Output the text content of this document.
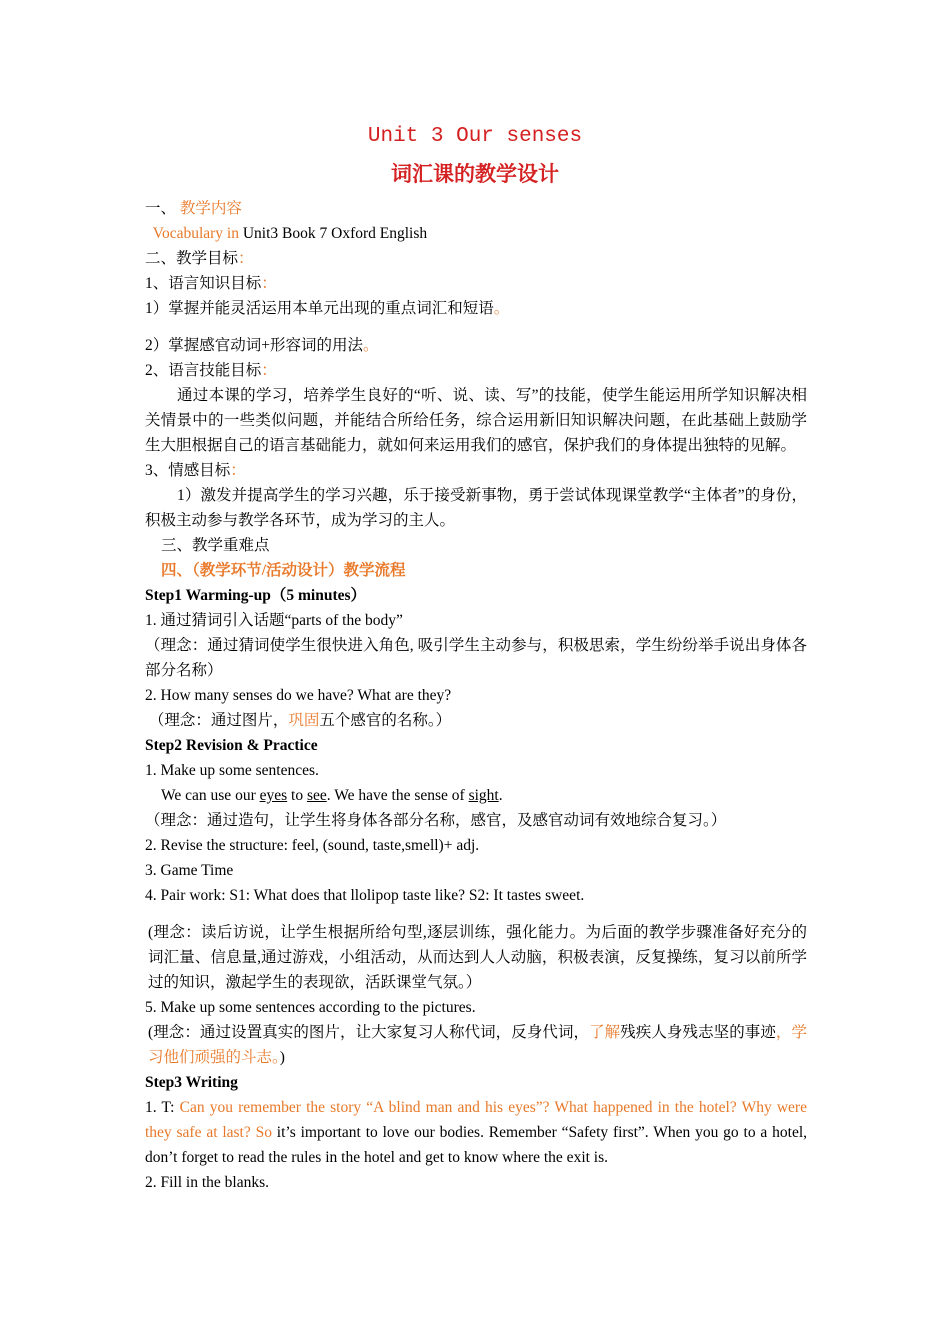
Unit 3 Our senses
词汇课的教学设计

一、 教学内容

Vocabulary in Unit3 Book 7 Oxford English

二、教学目标：

1、语言知识目标：

1）掌握并能灵活运用本单元出现的重点词汇和短语。

2）掌握感官动词+形容词的用法。

2、语言技能目标：

通过本课的学习，培养学生良好的“听、说、读、写”的技能，使学生能运用所学知识解决相关情景中的一些类似问题，并能结合所给任务，综合运用新旧知识解决问题，在此基础上鼓励学生大胆根据自己的语言基础能力，就如何来运用我们的感官，保护我们的身体提出独特的见解。

3、情感目标：

1）激发并提高学生的学习兴趣，乐于接受新事物，勇于尝试体现课堂教学“主体者”的身份，积极主动参与教学各环节，成为学习的主人。

三、教学重难点

四、（教学环节/活动设计）教学流程

Step1 Warming-up（5 minutes）

1. 通过猜词引入话题“parts of the body”

（理念：通过猜词使学生很快进入角色, 吸引学生主动参与，积极思索，学生纷纷举手说出身体各部分名称）

2. How many senses do we have? What are they?

（理念：通过图片，巩固五个感官的名称。）

Step2 Revision & Practice

1. Make up some sentences.

We can use our eyes to see. We have the sense of sight.

（理念：通过造句，让学生将身体各部分名称，感官，及感官动词有效地综合复习。）

2. Revise the structure: feel, (sound, taste,smell)+ adj.

3. Game Time

4. Pair work: S1: What does that llolipop taste like? S2: It tastes sweet.

(理念：读后访说，让学生根据所给句型,逐层训练，强化能力。为后面的教学步骤准备好充分的词汇量、信息量,通过游戏，小组活动，从而达到人人动脑，积极表演，反复操练，复习以前所学过的知识，激起学生的表现欲，活跃课堂气氛。）

5. Make up some sentences according to the pictures.

(理念：通过设置真实的图片，让大家复习人称代词，反身代词，了解残疾人身残志坚的事迹，学习他们顽强的斗志。)

Step3 Writing

1. T: Can you remember the story “A blind man and his eyes”? What happened in the hotel? Why were they safe at last? So it’s important to love our bodies. Remember “Safety first”. When you go to a hotel, don’t forget to read the rules in the hotel and get to know where the exit is.

2. Fill in the blanks.
